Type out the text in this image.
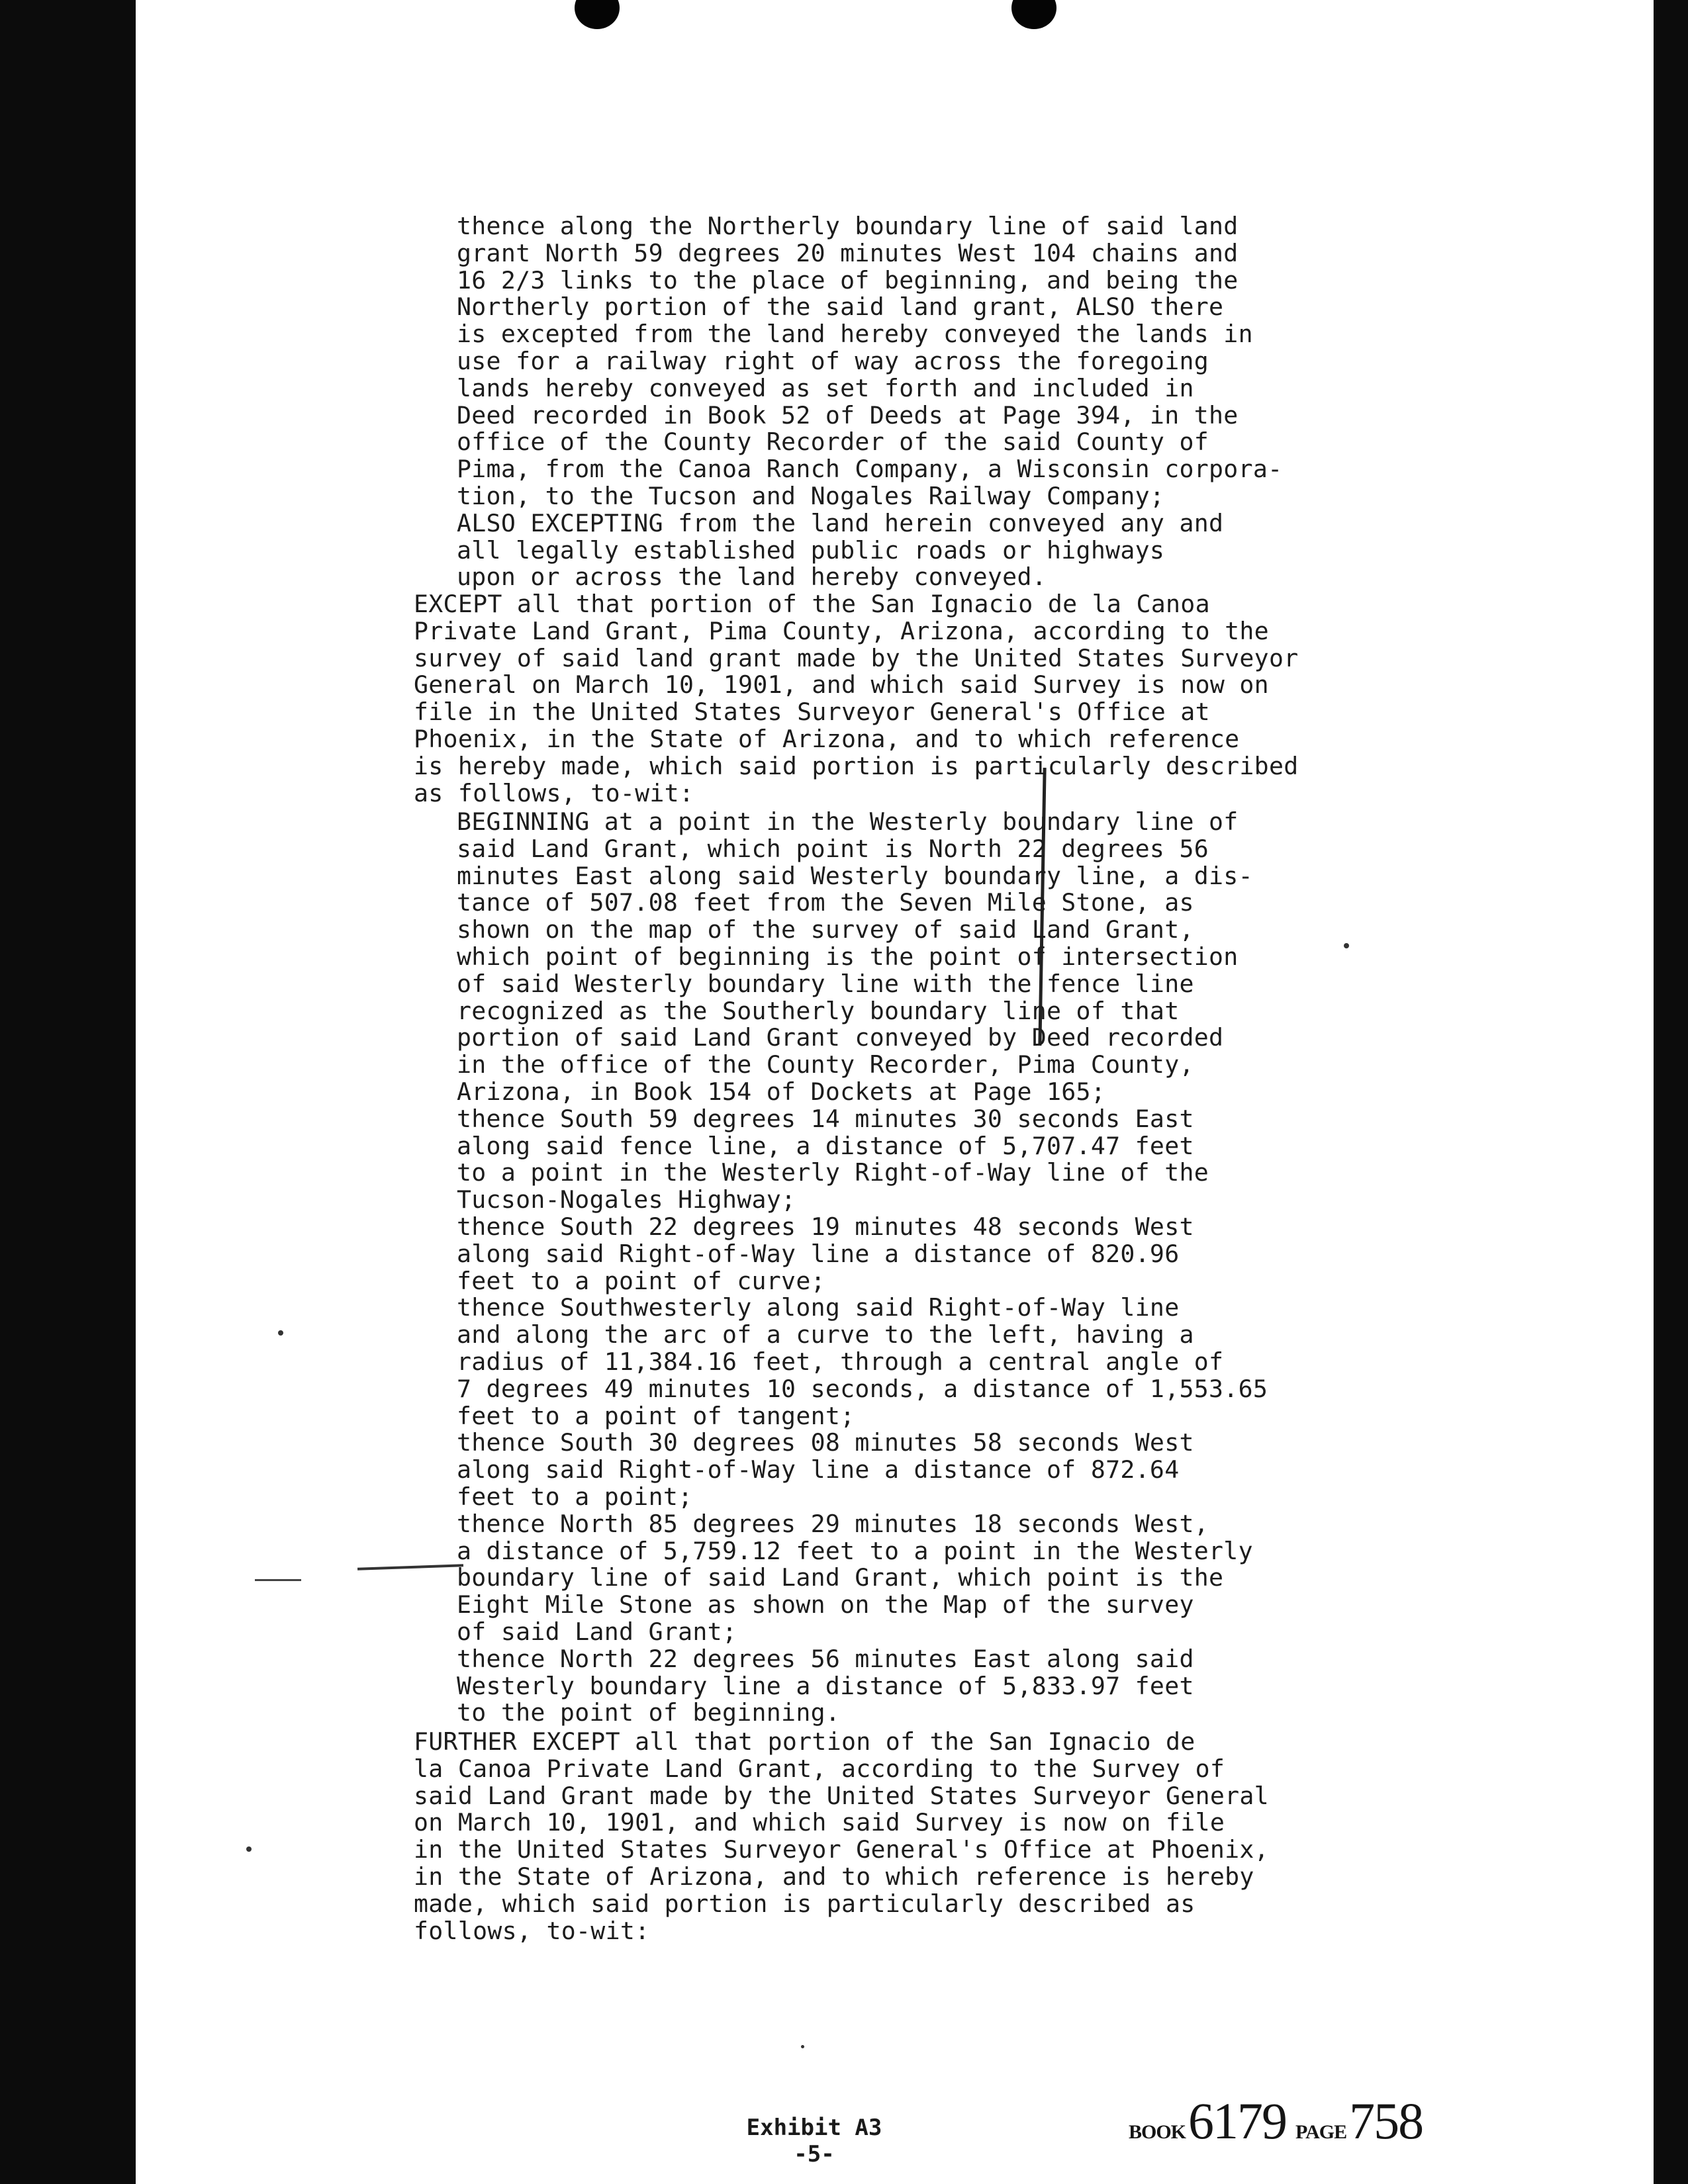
thence along the Northerly boundary line of said land
grant North 59 degrees 20 minutes West 104 chains and
16 2/3 links to the place of beginning, and being the
Northerly portion of the said land grant, ALSO there
is excepted from the land hereby conveyed the lands in
use for a railway right of way across the foregoing
lands hereby conveyed as set forth and included in
Deed recorded in Book 52 of Deeds at Page 394, in the
office of the County Recorder of the said County of
Pima, from the Canoa Ranch Company, a Wisconsin corpora-
tion, to the Tucson and Nogales Railway Company;
ALSO EXCEPTING from the land herein conveyed any and
all legally established public roads or highways
upon or across the land hereby conveyed.

EXCEPT all that portion of the San Ignacio de la Canoa
Private Land Grant, Pima County, Arizona, according to the
survey of said land grant made by the United States Surveyor
General on March 10, 1901, and which said Survey is now on
file in the United States Surveyor General's Office at
Phoenix, in the State of Arizona, and to which reference
is hereby made, which said portion is particularly described
as follows, to-wit:

BEGINNING at a point in the Westerly boundary line of
said Land Grant, which point is North 22 degrees 56
minutes East along said Westerly boundary line, a dis-
tance of 507.08 feet from the Seven Mile Stone, as
shown on the map of the survey of said Land Grant,
which point of beginning is the point of intersection
of said Westerly boundary line with the fence line
recognized as the Southerly boundary line of that
portion of said Land Grant conveyed by Deed recorded
in the office of the County Recorder, Pima County,
Arizona, in Book 154 of Dockets at Page 165;
thence South 59 degrees 14 minutes 30 seconds East
along said fence line, a distance of 5,707.47 feet
to a point in the Westerly Right-of-Way line of the
Tucson-Nogales Highway;
thence South 22 degrees 19 minutes 48 seconds West
along said Right-of-Way line a distance of 820.96
feet to a point of curve;
thence Southwesterly along said Right-of-Way line
and along the arc of a curve to the left, having a
radius of 11,384.16 feet, through a central angle of
7 degrees 49 minutes 10 seconds, a distance of 1,553.65
feet to a point of tangent;
thence South 30 degrees 08 minutes 58 seconds West
along said Right-of-Way line a distance of 872.64
feet to a point;
thence North 85 degrees 29 minutes 18 seconds West,
a distance of 5,759.12 feet to a point in the Westerly
boundary line of said Land Grant, which point is the
Eight Mile Stone as shown on the Map of the survey
of said Land Grant;
thence North 22 degrees 56 minutes East along said
Westerly boundary line a distance of 5,833.97 feet
to the point of beginning.

FURTHER EXCEPT all that portion of the San Ignacio de
la Canoa Private Land Grant, according to the Survey of
said Land Grant made by the United States Surveyor General
on March 10, 1901, and which said Survey is now on file
in the United States Surveyor General's Office at Phoenix,
in the State of Arizona, and to which reference is hereby
made, which said portion is particularly described as
follows, to-wit:

Exhibit A3
-5-
BOOK6179 PAGE758
